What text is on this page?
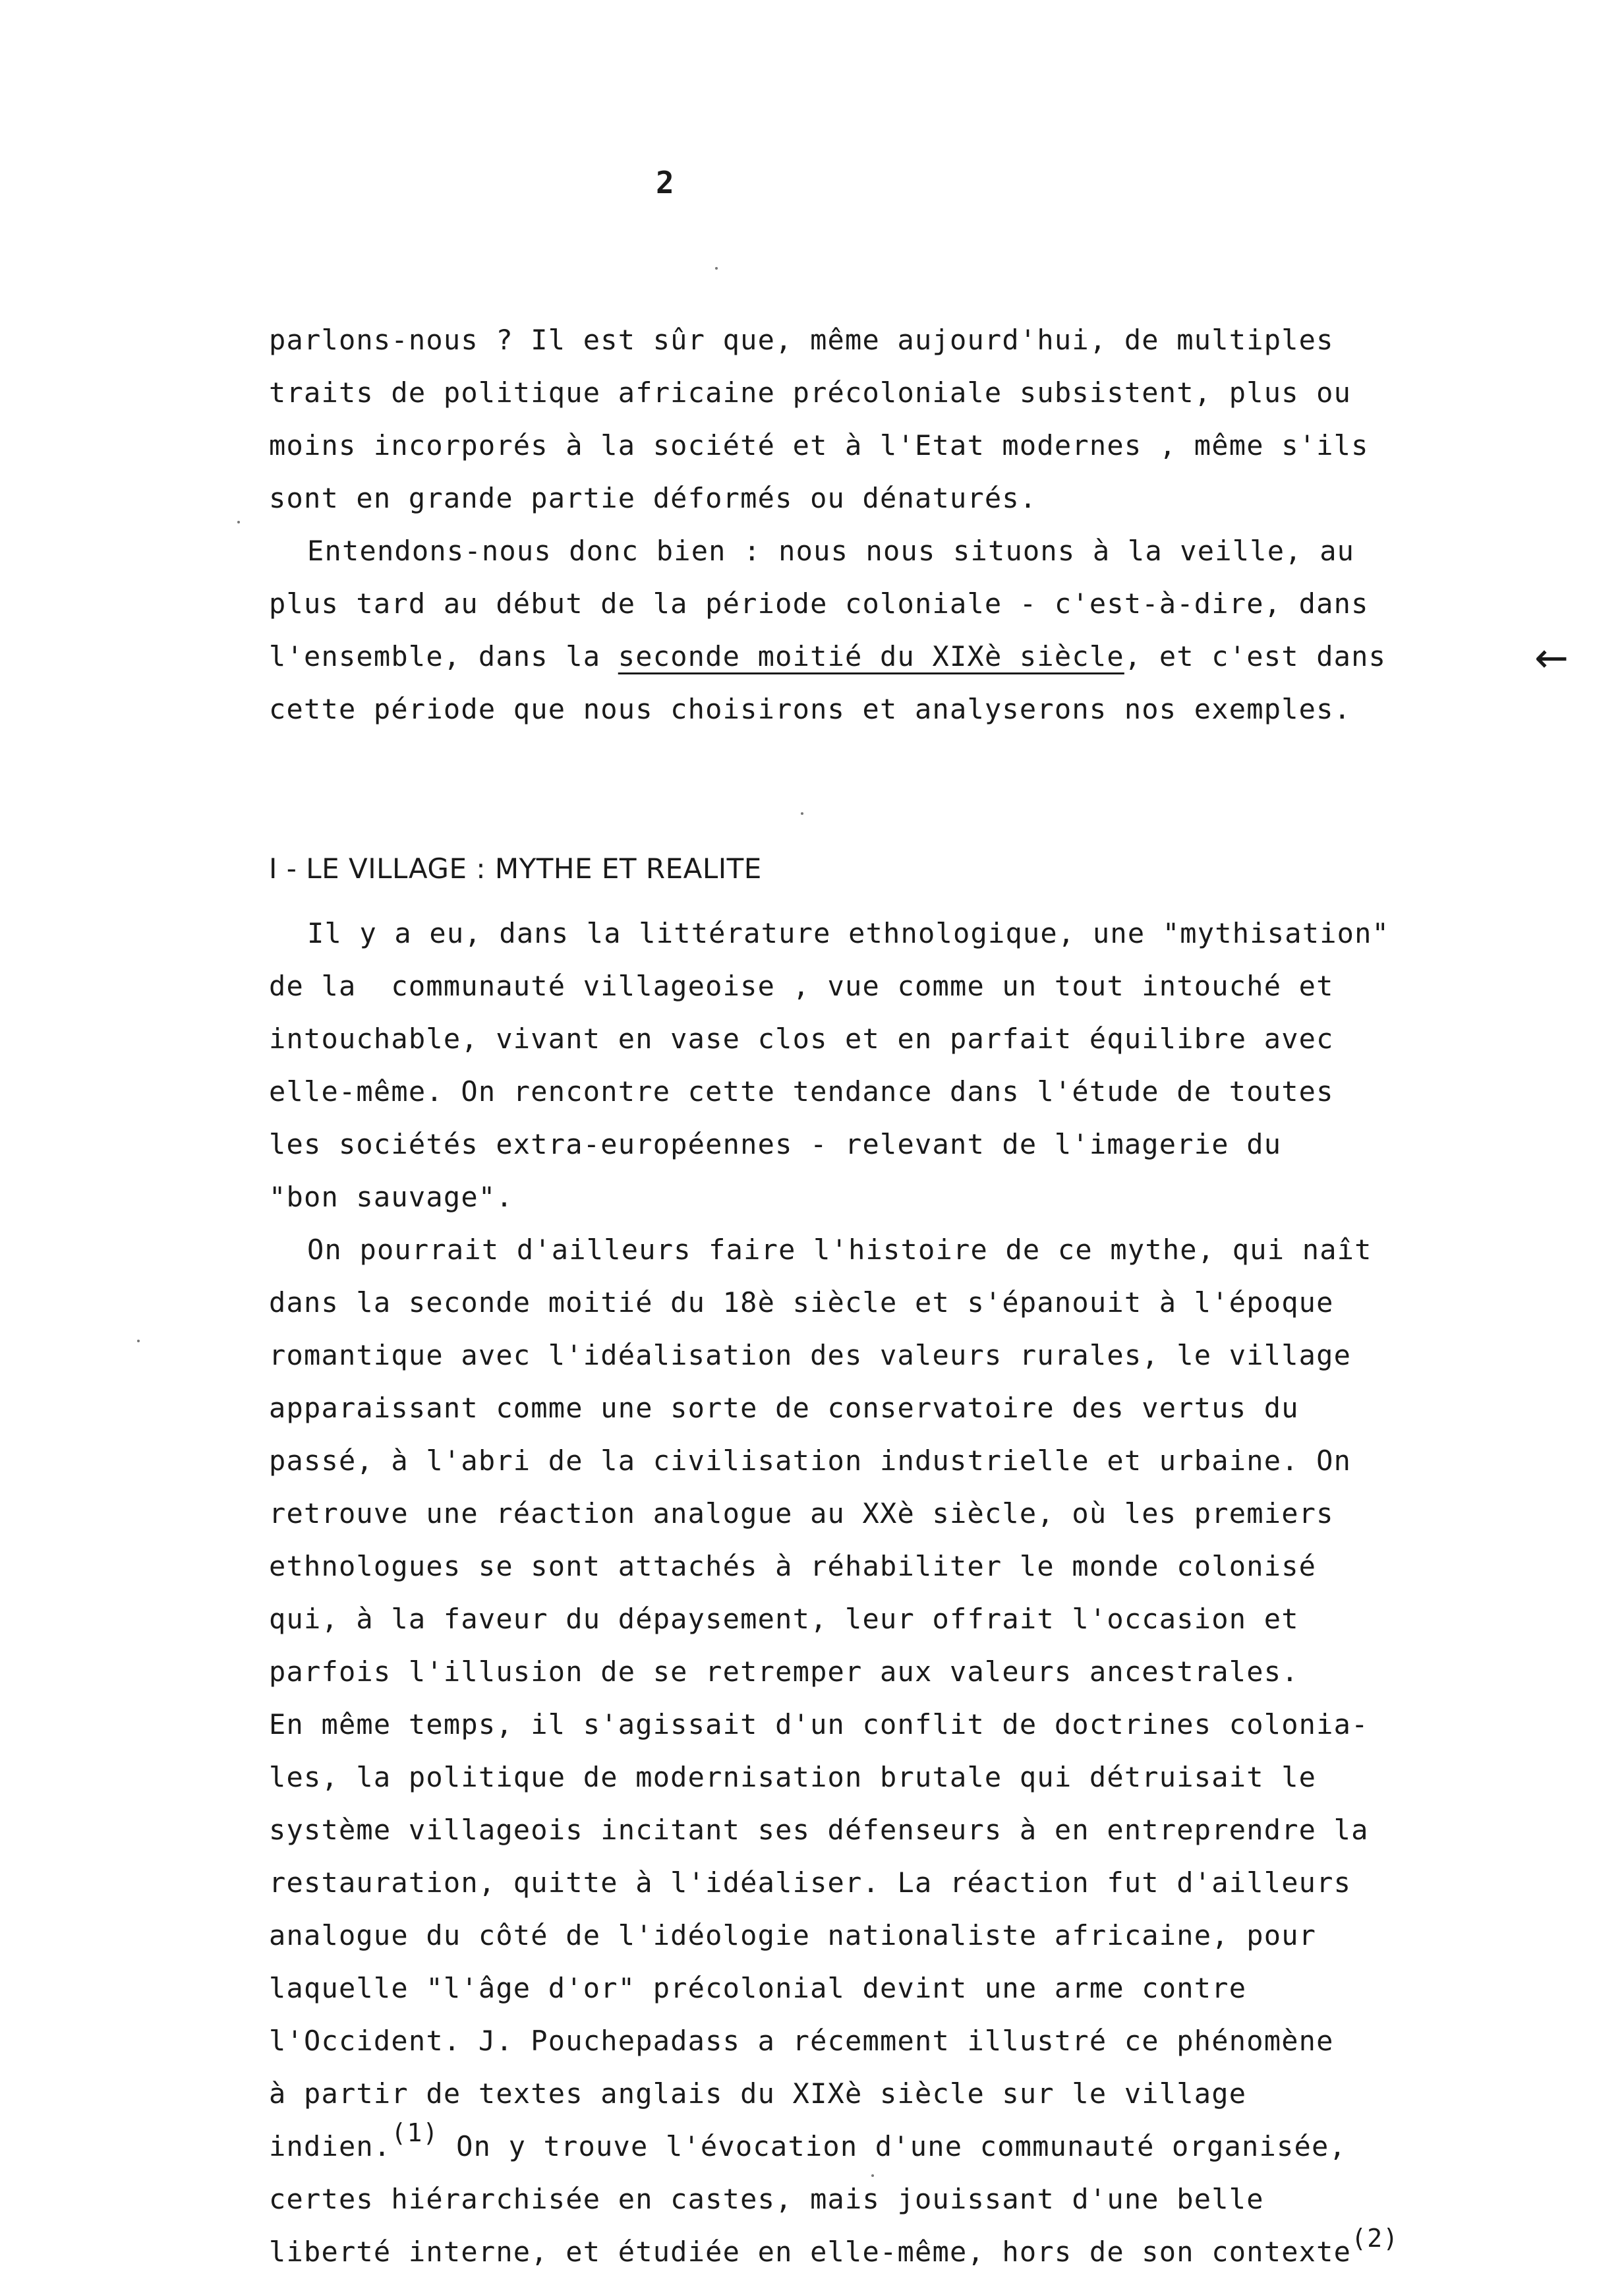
2
parlons-nous ? Il est sûr que, même aujourd'hui, de multiples
traits de politique africaine précoloniale subsistent, plus ou
moins incorporés à la société et à l'Etat modernes , même s'ils
sont en grande partie déformés ou dénaturés.
Entendons-nous donc bien : nous nous situons à la veille, au
plus tard au début de la période coloniale - c'est-à-dire, dans
l'ensemble, dans la seconde moitié du XIXè siècle, et c'est dans
cette période que nous choisirons et analyserons nos exemples.
←
I - LE VILLAGE : MYTHE ET REALITE
Il y a eu, dans la littérature ethnologique, une "mythisation"
de la  communauté villageoise , vue comme un tout intouché et
intouchable, vivant en vase clos et en parfait équilibre avec
elle-même. On rencontre cette tendance dans l'étude de toutes
les sociétés extra-européennes - relevant de l'imagerie du
"bon sauvage".
On pourrait d'ailleurs faire l'histoire de ce mythe, qui naît
dans la seconde moitié du 18è siècle et s'épanouit à l'époque
romantique avec l'idéalisation des valeurs rurales, le village
apparaissant comme une sorte de conservatoire des vertus du
passé, à l'abri de la civilisation industrielle et urbaine. On
retrouve une réaction analogue au XXè siècle, où les premiers
ethnologues se sont attachés à réhabiliter le monde colonisé
qui, à la faveur du dépaysement, leur offrait l'occasion et
parfois l'illusion de se retremper aux valeurs ancestrales.
En même temps, il s'agissait d'un conflit de doctrines colonia-
les, la politique de modernisation brutale qui détruisait le
système villageois incitant ses défenseurs à en entreprendre la
restauration, quitte à l'idéaliser. La réaction fut d'ailleurs
analogue du côté de l'idéologie nationaliste africaine, pour
laquelle "l'âge d'or" précolonial devint une arme contre
l'Occident. J. Pouchepadass a récemment illustré ce phénomène
à partir de textes anglais du XIXè siècle sur le village
indien.(1) On y trouve l'évocation d'une communauté organisée,
certes hiérarchisée en castes, mais jouissant d'une belle
liberté interne, et étudiée en elle-même, hors de son contexte(2)
